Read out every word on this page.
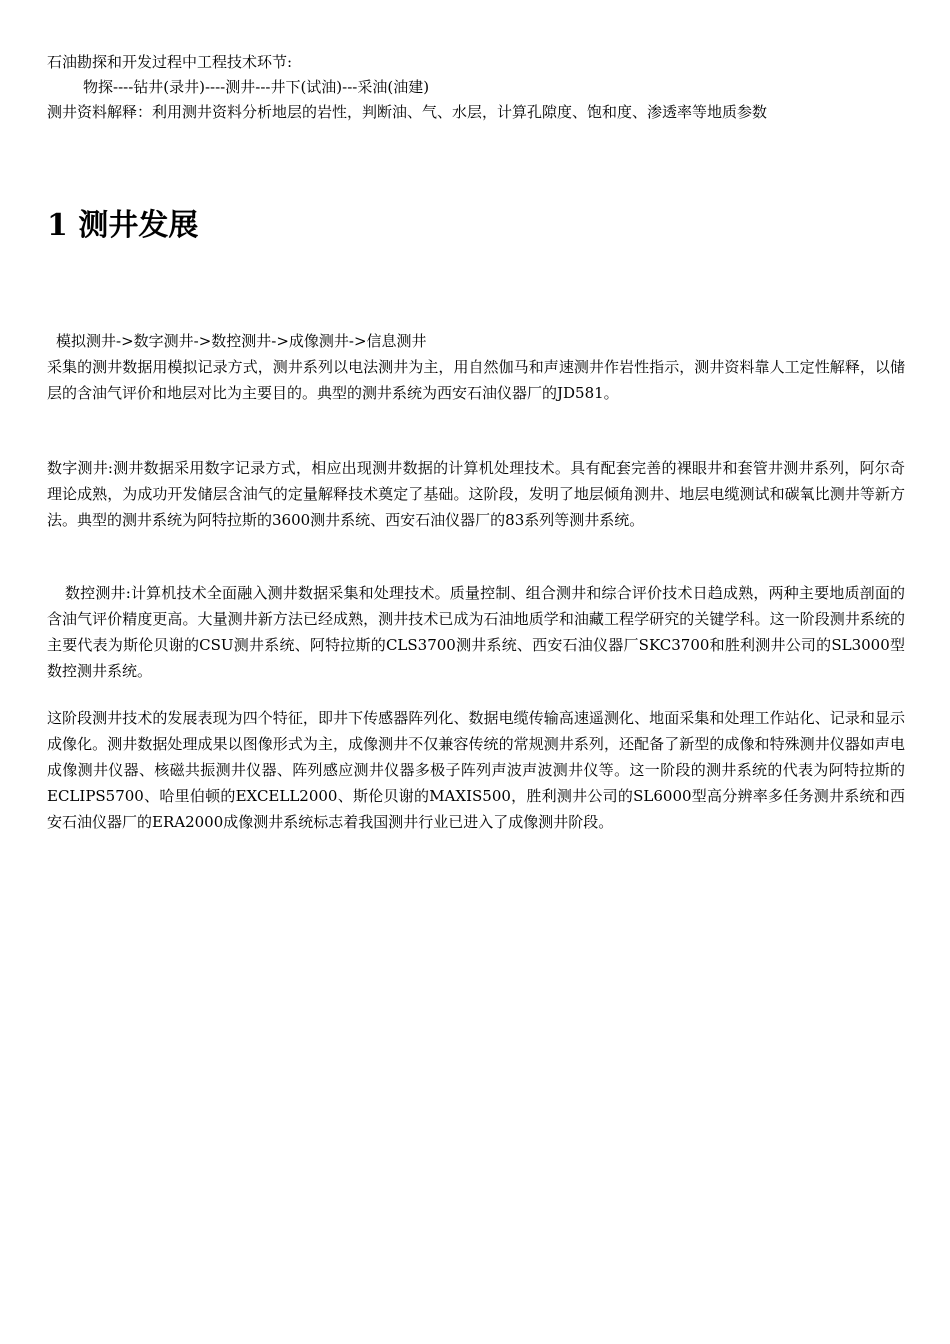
石油勘探和开发过程中工程技术环节:

物探----钻井(录井)----测井---井下(试油)---采油(油建)

测井资料解释：利用测井资料分析地层的岩性，判断油、气、水层，计算孔隙度、饱和度、渗透率等地质参数

1 测井发展

模拟测井->数字测井->数控测井->成像测井->信息测井

采集的测井数据用模拟记录方式，测井系列以电法测井为主，用自然伽马和声速测井作岩性指示，测井资料靠人工定性解释，以储层的含油气评价和地层对比为主要目的。典型的测井系统为西安石油仪器厂的JD581。

数字测井:测井数据采用数字记录方式，相应出现测井数据的计算机处理技术。具有配套完善的裸眼井和套管井测井系列，阿尔奇理论成熟，为成功开发储层含油气的定量解释技术奠定了基础。这阶段，发明了地层倾角测井、地层电缆测试和碳氧比测井等新方法。典型的测井系统为阿特拉斯的3600测井系统、西安石油仪器厂的83系列等测井系统。

数控测井:计算机技术全面融入测井数据采集和处理技术。质量控制、组合测井和综合评价技术日趋成熟，两种主要地质剖面的含油气评价精度更高。大量测井新方法已经成熟，测井技术已成为石油地质学和油藏工程学研究的关键学科。这一阶段测井系统的主要代表为斯伦贝谢的CSU测井系统、阿特拉斯的CLS3700测井系统、西安石油仪器厂SKC3700和胜利测井公司的SL3000型数控测井系统。

这阶段测井技术的发展表现为四个特征，即井下传感器阵列化、数据电缆传输高速遥测化、地面采集和处理工作站化、记录和显示成像化。测井数据处理成果以图像形式为主，成像测井不仅兼容传统的常规测井系列，还配备了新型的成像和特殊测井仪器如声电成像测井仪器、核磁共振测井仪器、阵列感应测井仪器多极子阵列声波声波测井仪等。这一阶段的测井系统的代表为阿特拉斯的ECLIPS5700、哈里伯顿的EXCELL2000、斯伦贝谢的MAXIS500，胜利测井公司的SL6000型高分辨率多任务测井系统和西安石油仪器厂的ERA2000成像测井系统标志着我国测井行业已进入了成像测井阶段。
